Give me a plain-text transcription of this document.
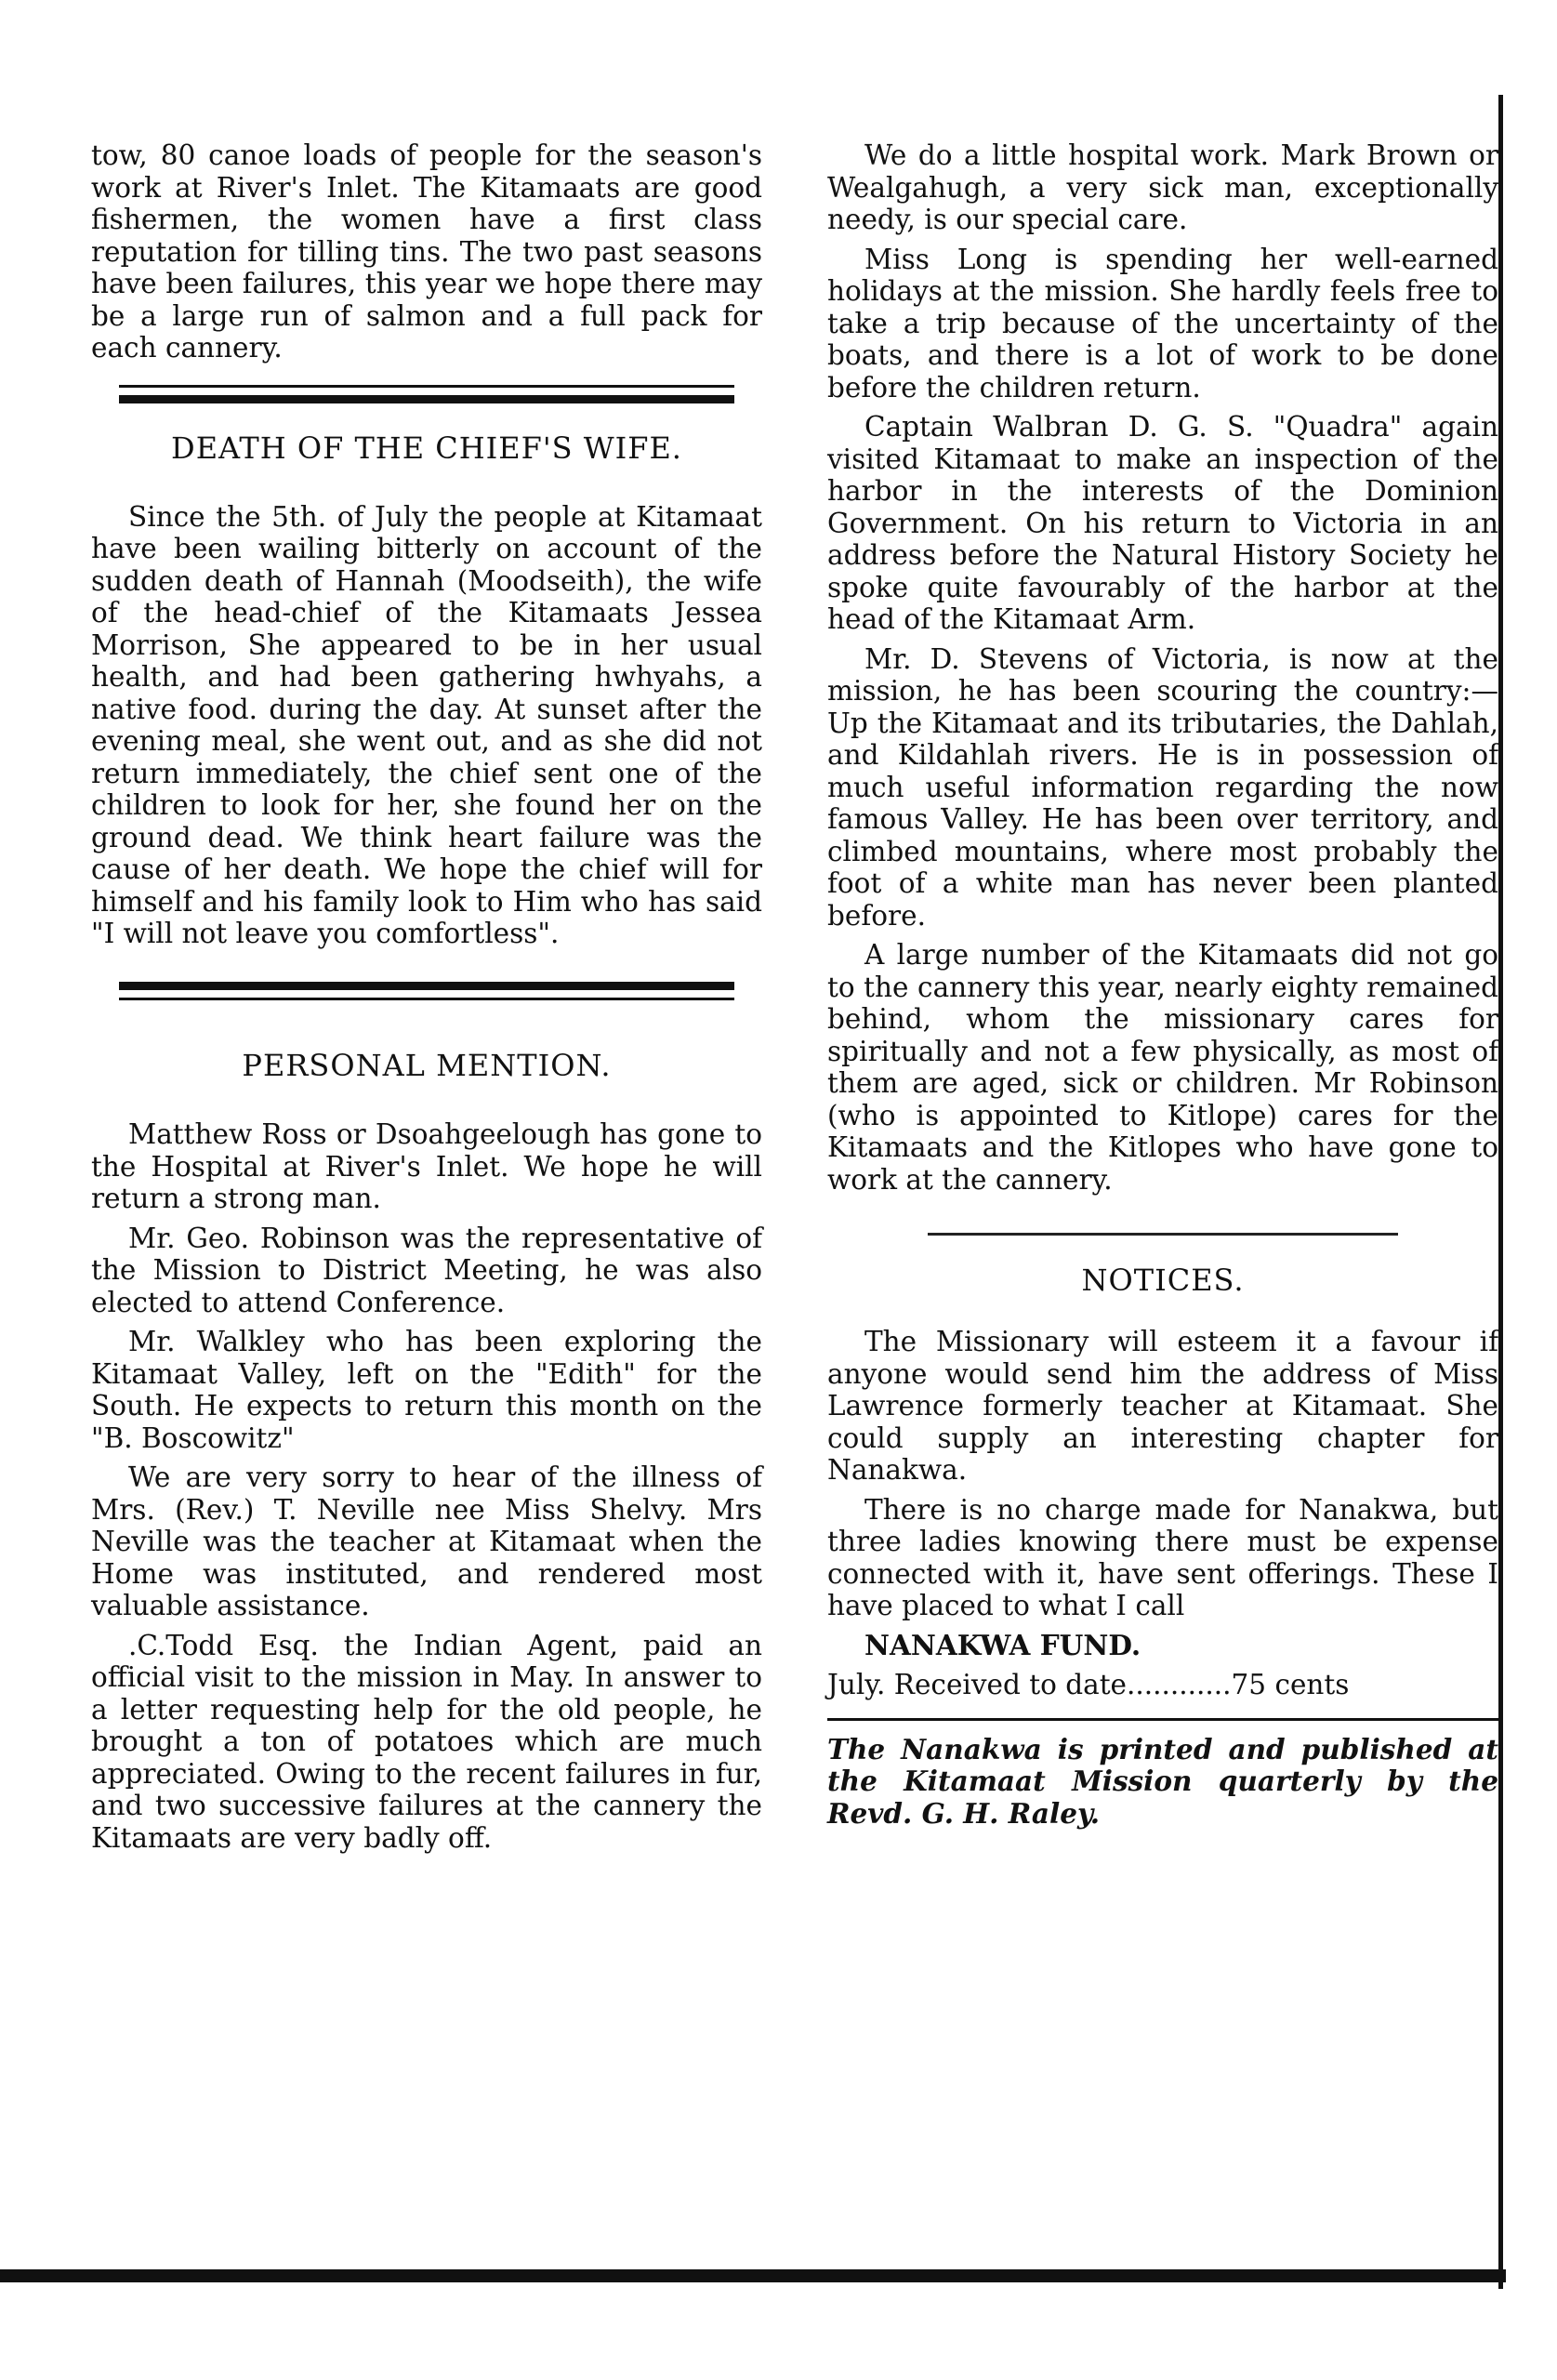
tow, 80 canoe loads of people for the season's work at River's Inlet. The Kitamaats are good fishermen, the women have a first class reputation for tilling tins. The two past seasons have been failures, this year we hope there may be a large run of salmon and a full pack for each cannery.

DEATH OF THE CHIEF'S WIFE.

Since the 5th. of July the people at Kitamaat have been wailing bitterly on account of the sudden death of Hannah (Moodseith), the wife of the head-chief of the Kitamaats Jessea Morrison, She appeared to be in her usual health, and had been gathering hwhyahs, a native food. during the day. At sunset after the evening meal, she went out, and as she did not return immediately, the chief sent one of the children to look for her, she found her on the ground dead. We think heart failure was the cause of her death. We hope the chief will for himself and his family look to Him who has said "I will not leave you comfortless".

PERSONAL MENTION.

Matthew Ross or Dsoahgeelough has gone to the Hospital at River's Inlet. We hope he will return a strong man.

Mr. Geo. Robinson was the representative of the Mission to District Meeting, he was also elected to attend Conference.

Mr. Walkley who has been exploring the Kitamaat Valley, left on the "Edith" for the South. He expects to return this month on the "B. Boscowitz"

We are very sorry to hear of the illness of Mrs. (Rev.) T. Neville nee Miss Shelvy. Mrs Neville was the teacher at Kitamaat when the Home was instituted, and rendered most valuable assistance.

.C.Todd Esq. the Indian Agent, paid an official visit to the mission in May. In answer to a letter requesting help for the old people, he brought a ton of potatoes which are much appreciated. Owing to the recent failures in fur, and two successive failures at the cannery the Kitamaats are very badly off.

We do a little hospital work. Mark Brown or Wealgahugh, a very sick man, exceptionally needy, is our special care.

Miss Long is spending her well-earned holidays at the mission. She hardly feels free to take a trip because of the uncertainty of the boats, and there is a lot of work to be done before the children return.

Captain Walbran D. G. S. "Quadra" again visited Kitamaat to make an inspection of the harbor in the interests of the Dominion Government. On his return to Victoria in an address before the Natural History Society he spoke quite favourably of the harbor at the head of the Kitamaat Arm.

Mr. D. Stevens of Victoria, is now at the mission, he has been scouring the country:— Up the Kitamaat and its tributaries, the Dahlah, and Kildahlah rivers. He is in possession of much useful information regarding the now famous Valley. He has been over territory, and climbed mountains, where most probably the foot of a white man has never been planted before.

A large number of the Kitamaats did not go to the cannery this year, nearly eighty remained behind, whom the missionary cares for spiritually and not a few physically, as most of them are aged, sick or children. Mr Robinson (who is appointed to Kitlope) cares for the Kitamaats and the Kitlopes who have gone to work at the cannery.

NOTICES.

The Missionary will esteem it a favour if anyone would send him the address of Miss Lawrence formerly teacher at Kitamaat. She could supply an interesting chapter for Nanakwa.

There is no charge made for Nanakwa, but three ladies knowing there must be expense connected with it, have sent offerings. These I have placed to what I call

NANAKWA FUND.

July. Received to date............75 cents

The Nanakwa is printed and published at the Kitamaat Mission quarterly by the Revd. G. H. Raley.
